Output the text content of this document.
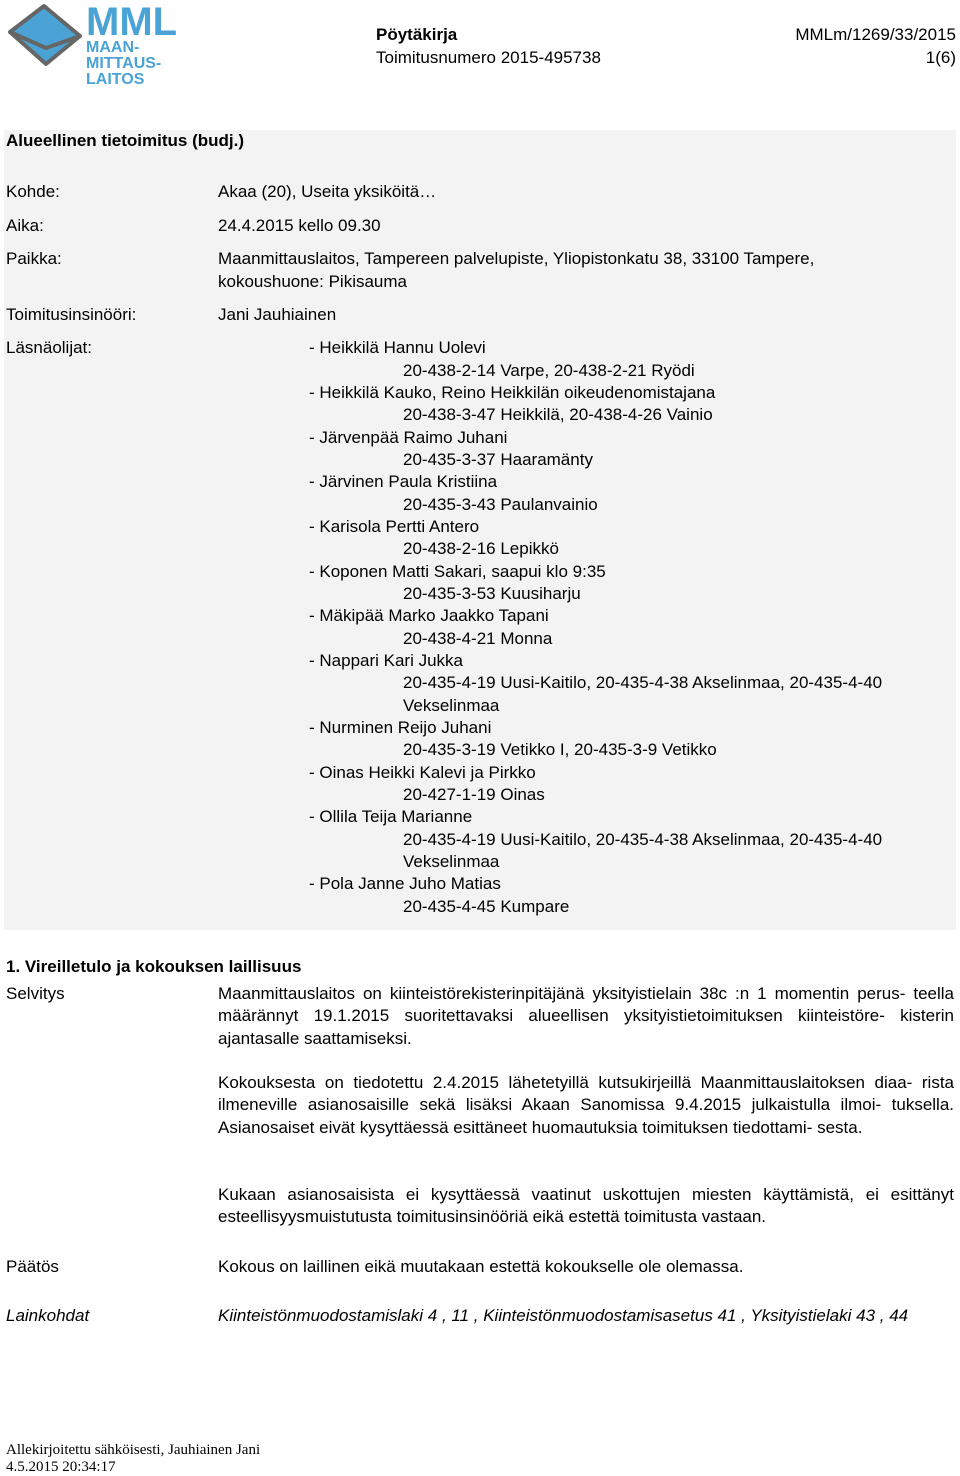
MML
MAAN-
MITTAUS-
LAITOS
Pöytäkirja
Toimitusnumero 2015-495738
MMLm/1269/33/2015
1(6)
Alueellinen tietoimitus (budj.)
Kohde:	Akaa (20), Useita yksiköitä…
Aika:	24.4.2015 kello 09.30
Paikka:	Maanmittauslaitos, Tampereen palvelupiste, Yliopistonkatu 38, 33100 Tampere,
kokoushuone: Pikisauma
Toimitusinsinööri:	Jani Jauhiainen
Läsnäolijat:	- Heikkilä Hannu Uolevi
20-438-2-14 Varpe, 20-438-2-21 Ryödi
- Heikkilä Kauko, Reino Heikkilän oikeudenomistajana
20-438-3-47 Heikkilä, 20-438-4-26 Vainio
- Järvenpää Raimo Juhani
20-435-3-37 Haaramänty
- Järvinen Paula Kristiina
20-435-3-43 Paulanvainio
- Karisola Pertti Antero
20-438-2-16 Lepikkö
- Koponen Matti Sakari, saapui klo 9:35
20-435-3-53 Kuusiharju
- Mäkipää Marko Jaakko Tapani
20-438-4-21 Monna
- Nappari Kari Jukka
20-435-4-19 Uusi-Kaitilo, 20-435-4-38 Akselinmaa, 20-435-4-40
Vekselinmaa
- Nurminen Reijo Juhani
20-435-3-19 Vetikko I, 20-435-3-9 Vetikko
- Oinas Heikki Kalevi ja Pirkko
20-427-1-19 Oinas
- Ollila Teija Marianne
20-435-4-19 Uusi-Kaitilo, 20-435-4-38 Akselinmaa, 20-435-4-40
Vekselinmaa
- Pola Janne Juho Matias
20-435-4-45 Kumpare
1. Vireilletulo ja kokouksen laillisuus
Selvitys	Maanmittauslaitos on kiinteistörekisterinpitäjänä yksityistielain 38c :n 1 momentin perus- teella määrännyt 19.1.2015 suoritettavaksi alueellisen yksityistietoimituksen kiinteistöre- kisterin ajantasalle saattamiseksi.
Kokouksesta on tiedotettu 2.4.2015 lähetetyillä kutsukirjeillä Maanmittauslaitoksen diaa- rista ilmeneville asianosaisille sekä lisäksi Akaan Sanomissa 9.4.2015 julkaistulla ilmoi- tuksella. Asianosaiset eivät kysyttäessä esittäneet huomautuksia toimituksen tiedottami- sesta.
Kukaan asianosaisista ei kysyttäessä vaatinut uskottujen miesten käyttämistä, ei esittänyt esteellisyysmuistutusta toimitusinsinööriä eikä estettä toimitusta vastaan.
Päätös	Kokous on laillinen eikä muutakaan estettä kokoukselle ole olemassa.
Lainkohdat	Kiinteistönmuodostamislaki 4 , 11 , Kiinteistönmuodostamisasetus 41 , Yksityistielaki 43 , 44
Allekirjoitettu sähköisesti, Jauhiainen Jani
4.5.2015 20:34:17
